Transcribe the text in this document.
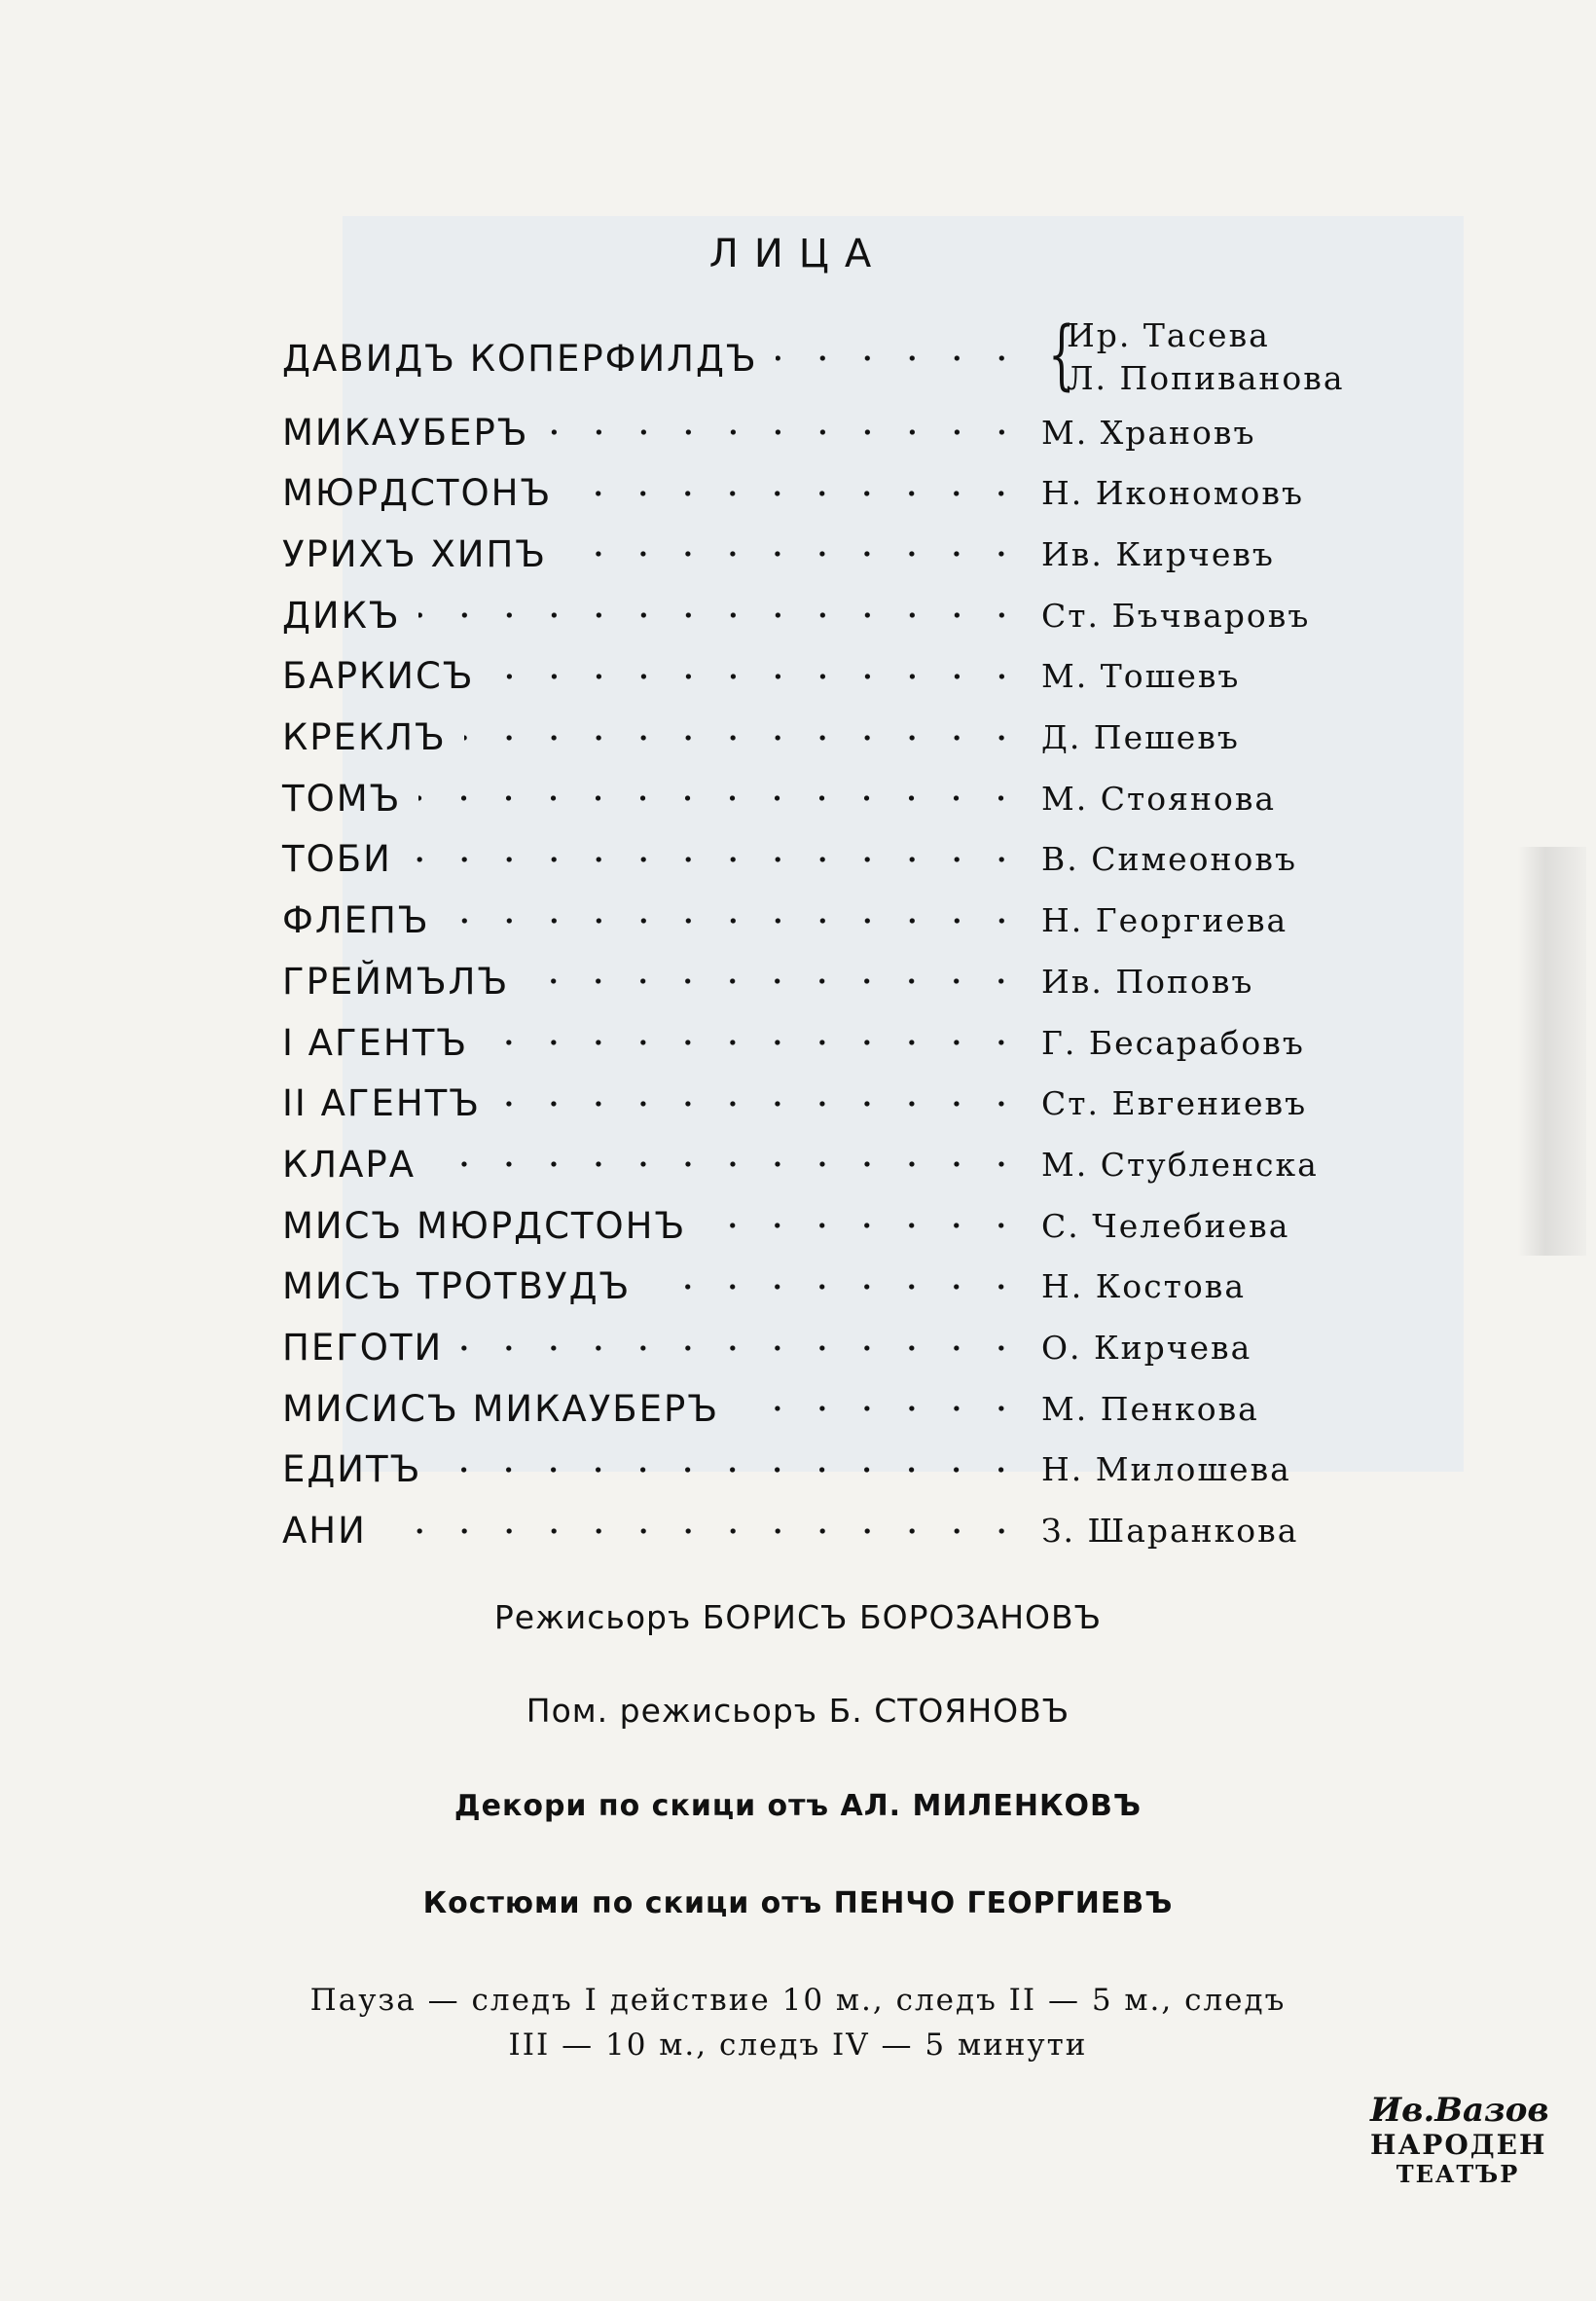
ЛИЦА
ДАВИДЪ КОПЕРФИЛДЪ	{
Ир. Тасева
Л. Попиванова
МИКАУБЕРЪ	М. Храновъ
МЮРДСТОНЪ	Н. Икономовъ
УРИХЪ ХИПЪ	Ив. Кирчевъ
ДИКЪ	Ст. Бъчваровъ
БАРКИСЪ	М. Тошевъ
КРЕКЛЪ	Д. Пешевъ
ТОМЪ	М. Стоянова
ТОБИ	В. Симеоновъ
ФЛЕПЪ	Н. Георгиева
ГРЕЙМЪЛЪ	Ив. Поповъ
I АГЕНТЪ	Г. Бесарабовъ
II АГЕНТЪ	Ст. Евгениевъ
КЛАРА	М. Стубленска
МИСЪ МЮРДСТОНЪ	С. Челебиева
МИСЪ ТРОТВУДЪ	Н. Костова
ПЕГОТИ	О. Кирчева
МИСИСЪ МИКАУБЕРЪ	М. Пенкова
ЕДИТЪ	Н. Милошева
АНИ	З. Шаранкова
Режисьоръ БОРИСЪ БОРОЗАНОВЪ
Пом. режисьоръ Б. СТОЯНОВЪ
Декори по скици отъ АЛ. МИЛЕНКОВЪ
Костюми по скици отъ ПЕНЧО ГЕОРГИЕВЪ
Пауза — следъ I действие 10 м., следъ II — 5 м., следъ
III — 10 м., следъ IV — 5 минути
Ив.Вазов
НАРОДЕН
ТЕАТЪР
